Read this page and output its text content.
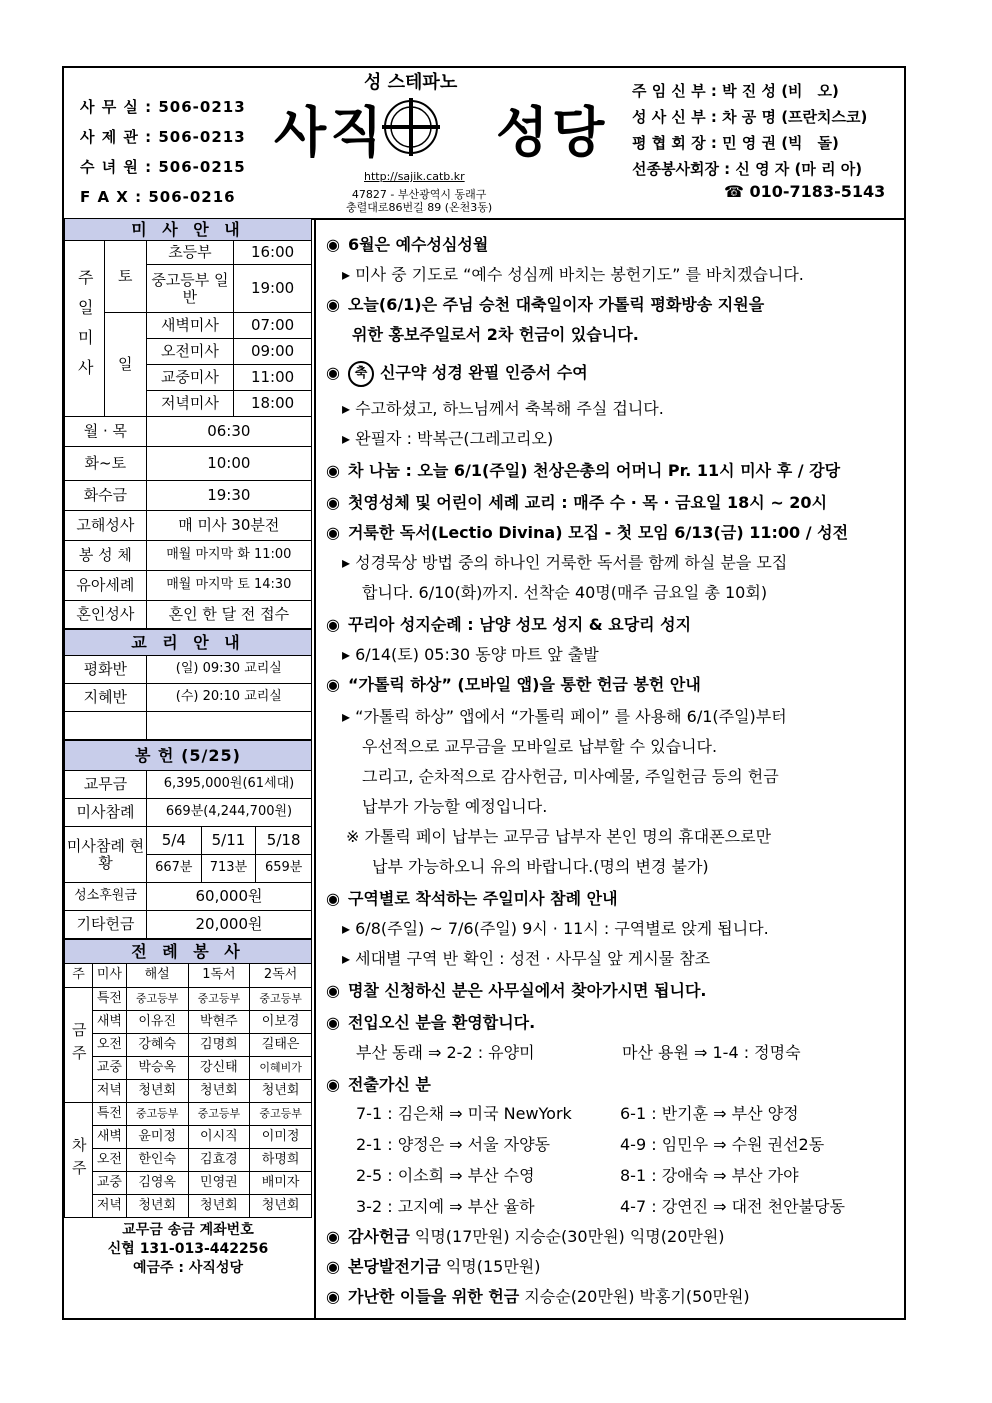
사 무 실 : 506-0213
사 제 관 : 506-0213
수 녀 원 : 506-0215
F A X : 506-0216
성 스테파노
사직 성당
http://sajik.catb.kr
47827 - 부산광역시 동래구
충렬대로86번길 89 (온천3동)
주 임 신 부 : 박 진 성 (비　오)
성 사 신 부 : 차 공 명 (프란치스코)
평 협 회 장 : 민 영 권 (빅　돌)
선종봉사회장 : 신 영 자 (마 리 아)
☎ 010-7183-5143
미 사 안 내			
주일미사	토	초등부	16:00
		중고등부 일반	19:00
	일	새벽미사	07:00
		오전미사	09:00
		교중미사	11:00
		저녁미사	18:00
월 · 목		06:30	
화~토		10:00	
화수금		19:30	
고해성사		매 미사 30분전	
봉 성 체		매월 마지막 화 11:00	
유아세례		매월 마지막 토 14:30	
혼인성사		혼인 한 달 전 접수	
교 리 안 내	
평화반	(일) 09:30 교리실
지혜반	(수) 20:10 교리실

봉 헌 (5/25)			
교무금	6,395,000원(61세대)		
미사참례	669분(4,244,700원)		
미사참례 현황	5/4	5/11	5/18
	667분	713분	659분
성소후원금	60,000원		
기타헌금	20,000원		
전 례 봉 사				
주	미사	해설	1독서	2독서
금주	특전	중고등부	중고등부	중고등부
	새벽	이유진	박현주	이보경
	오전	강혜숙	김명희	길태은
	교중	박승옥	강신태	이혜비가
	저녁	청년회	청년회	청년회
차주	특전	중고등부	중고등부	중고등부
	새벽	윤미정	이시직	이미정
	오전	한인숙	김효경	하명희
	교중	김영옥	민영권	배미자
	저녁	청년회	청년회	청년회
교무금 송금 계좌번호
신협 131-013-442256
예금주 : 사직성당
◉ 6월은 예수성심성월
▸ 미사 중 기도로 “예수 성심께 바치는 봉헌기도” 를 바치겠습니다.
◉ 오늘(6/1)은 주님 승천 대축일이자 가톨릭 평화방송 지원을
위한 홍보주일로서 2차 헌금이 있습니다.
◉ 축 신구약 성경 완필 인증서 수여
▸ 수고하셨고, 하느님께서 축복해 주실 겁니다.
▸ 완필자 : 박복근(그레고리오)
◉ 차 나눔 : 오늘 6/1(주일) 천상은총의 어머니 Pr. 11시 미사 후 / 강당
◉ 첫영성체 및 어린이 세례 교리 : 매주 수 · 목 · 금요일 18시 ~ 20시
◉ 거룩한 독서(Lectio Divina) 모집 - 첫 모임 6/13(금) 11:00 / 성전
▸ 성경묵상 방법 중의 하나인 거룩한 독서를 함께 하실 분을 모집
합니다. 6/10(화)까지. 선착순 40명(매주 금요일 총 10회)
◉ 꾸리아 성지순례 : 남양 성모 성지 & 요당리 성지
▸ 6/14(토) 05:30 동양 마트 앞 출발
◉ “가톨릭 하상” (모바일 앱)을 통한 헌금 봉헌 안내
▸ “가톨릭 하상” 앱에서 “가톨릭 페이” 를 사용해 6/1(주일)부터
우선적으로 교무금을 모바일로 납부할 수 있습니다.
그리고, 순차적으로 감사헌금, 미사예물, 주일헌금 등의 헌금
납부가 가능할 예정입니다.
※ 가톨릭 페이 납부는 교무금 납부자 본인 명의 휴대폰으로만
납부 가능하오니 유의 바랍니다.(명의 변경 불가)
◉ 구역별로 착석하는 주일미사 참례 안내
▸ 6/8(주일) ~ 7/6(주일) 9시 · 11시 : 구역별로 앉게 됩니다.
▸ 세대별 구역 반 확인 : 성전 · 사무실 앞 게시물 참조
◉ 명찰 신청하신 분은 사무실에서 찾아가시면 됩니다.
◉ 전입오신 분을 환영합니다.
부산 동래 ⇒ 2-2 : 유양미	마산 용원 ⇒ 1-4 : 정명숙
◉ 전출가신 분
7-1 : 김은채 ⇒ 미국 NewYork	6-1 : 반기훈 ⇒ 부산 양정
2-1 : 양정은 ⇒ 서울 자양동	4-9 : 임민우 ⇒ 수원 권선2동
2-5 : 이소희 ⇒ 부산 수영	8-1 : 강애숙 ⇒ 부산 가야
3-2 : 고지예 ⇒ 부산 율하	4-7 : 강연진 ⇒ 대전 천안불당동
◉ 감사헌금 익명(17만원) 지승순(30만원) 익명(20만원)
◉ 본당발전기금 익명(15만원)
◉ 가난한 이들을 위한 헌금 지승순(20만원) 박홍기(50만원)
